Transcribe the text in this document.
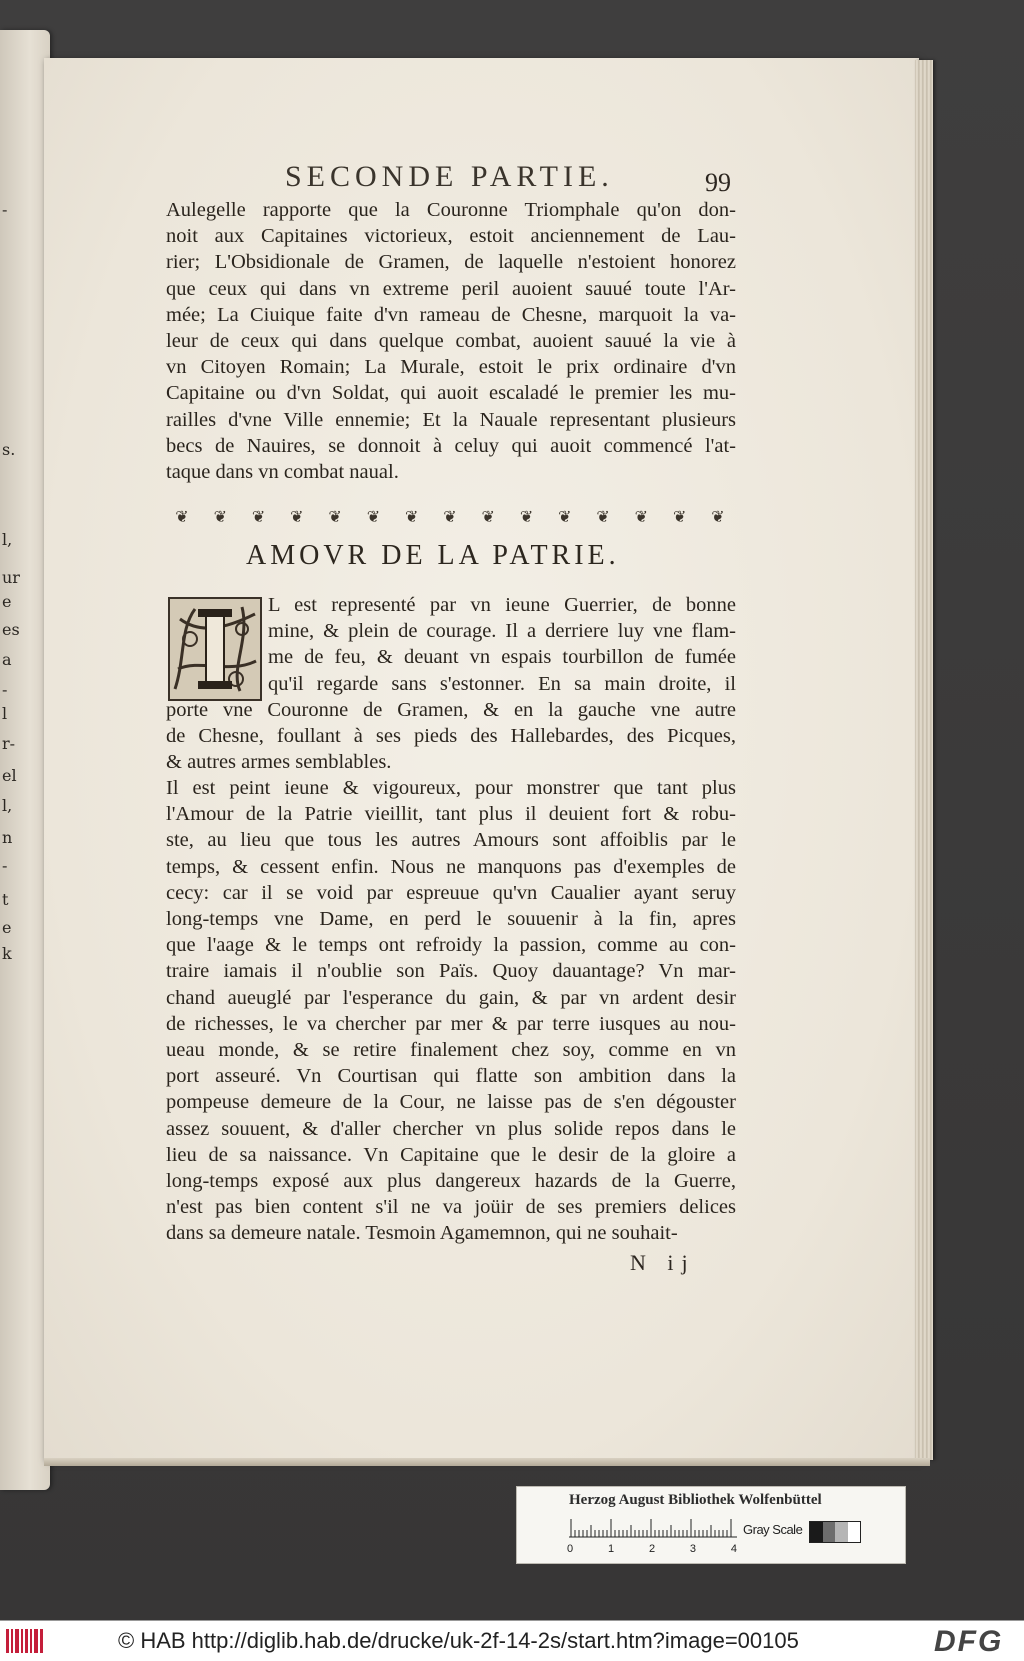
-
s.
l,
ur
e
es
a
-
l
r-
el
l,
n
-
t
e
k
SECONDE PARTIE.	99
Aulegelle rapporte que la Couronne Triomphale qu'on don-
noit aux Capitaines victorieux, estoit anciennement de Lau-
rier; L'Obsidionale de Gramen, de laquelle n'estoient honorez
que ceux qui dans vn extreme peril auoient sauué toute l'Ar-
mée; La Ciuique faite d'vn rameau de Chesne, marquoit la va-
leur de ceux qui dans quelque combat, auoient sauué la vie à
vn Citoyen Romain; La Murale, estoit le prix ordinaire d'vn
Capitaine ou d'vn Soldat, qui auoit escaladé le premier les mu-
railles d'vne Ville ennemie; Et la Nauale representant plusieurs
becs de Nauires, se donnoit à celuy qui auoit commencé l'at-
taque dans vn combat naual.
❦	❦	❦	❦	❦	❦	❦	❦	❦	❦	❦	❦	❦	❦	❦
AMOVR DE LA PATRIE.
L est representé par vn ieune Guerrier, de bonne
mine, & plein de courage. Il a derriere luy vne flam-
me de feu, & deuant vn espais tourbillon de fumée
qu'il regarde sans s'estonner. En sa main droite, il
porte vne Couronne de Gramen, & en la gauche vne autre
de Chesne, foullant à ses pieds des Hallebardes, des Picques,
& autres armes semblables.
Il est peint ieune & vigoureux, pour monstrer que tant plus
l'Amour de la Patrie vieillit, tant plus il deuient fort & robu-
ste, au lieu que tous les autres Amours sont affoiblis par le
temps, & cessent enfin. Nous ne manquons pas d'exemples de
cecy: car il se void par espreuue qu'vn Caualier ayant seruy
long-temps vne Dame, en perd le souuenir à la fin, apres
que l'aage & le temps ont refroidy la passion, comme au con-
traire iamais il n'oublie son Païs. Quoy dauantage? Vn mar-
chand aueuglé par l'esperance du gain, & par vn ardent desir
de richesses, le va chercher par mer & par terre iusques au nou-
ueau monde, & se retire finalement chez soy, comme en vn
port asseuré. Vn Courtisan qui flatte son ambition dans la
pompeuse demeure de la Cour, ne laisse pas de s'en dégouster
assez souuent, & d'aller chercher vn plus solide repos dans le
lieu de sa naissance. Vn Capitaine que le desir de la gloire a
long-temps exposé aux plus dangereux hazards de la Guerre,
n'est pas bien content s'il ne va joüir de ses premiers delices
dans sa demeure natale. Tesmoin Agamemnon, qui ne souhait-
N ij
Herzog August Bibliothek Wolfenbüttel
Gray Scale
0	1	2	3	4
© HAB http://diglib.hab.de/drucke/uk-2f-14-2s/start.htm?image=00105	DFG
